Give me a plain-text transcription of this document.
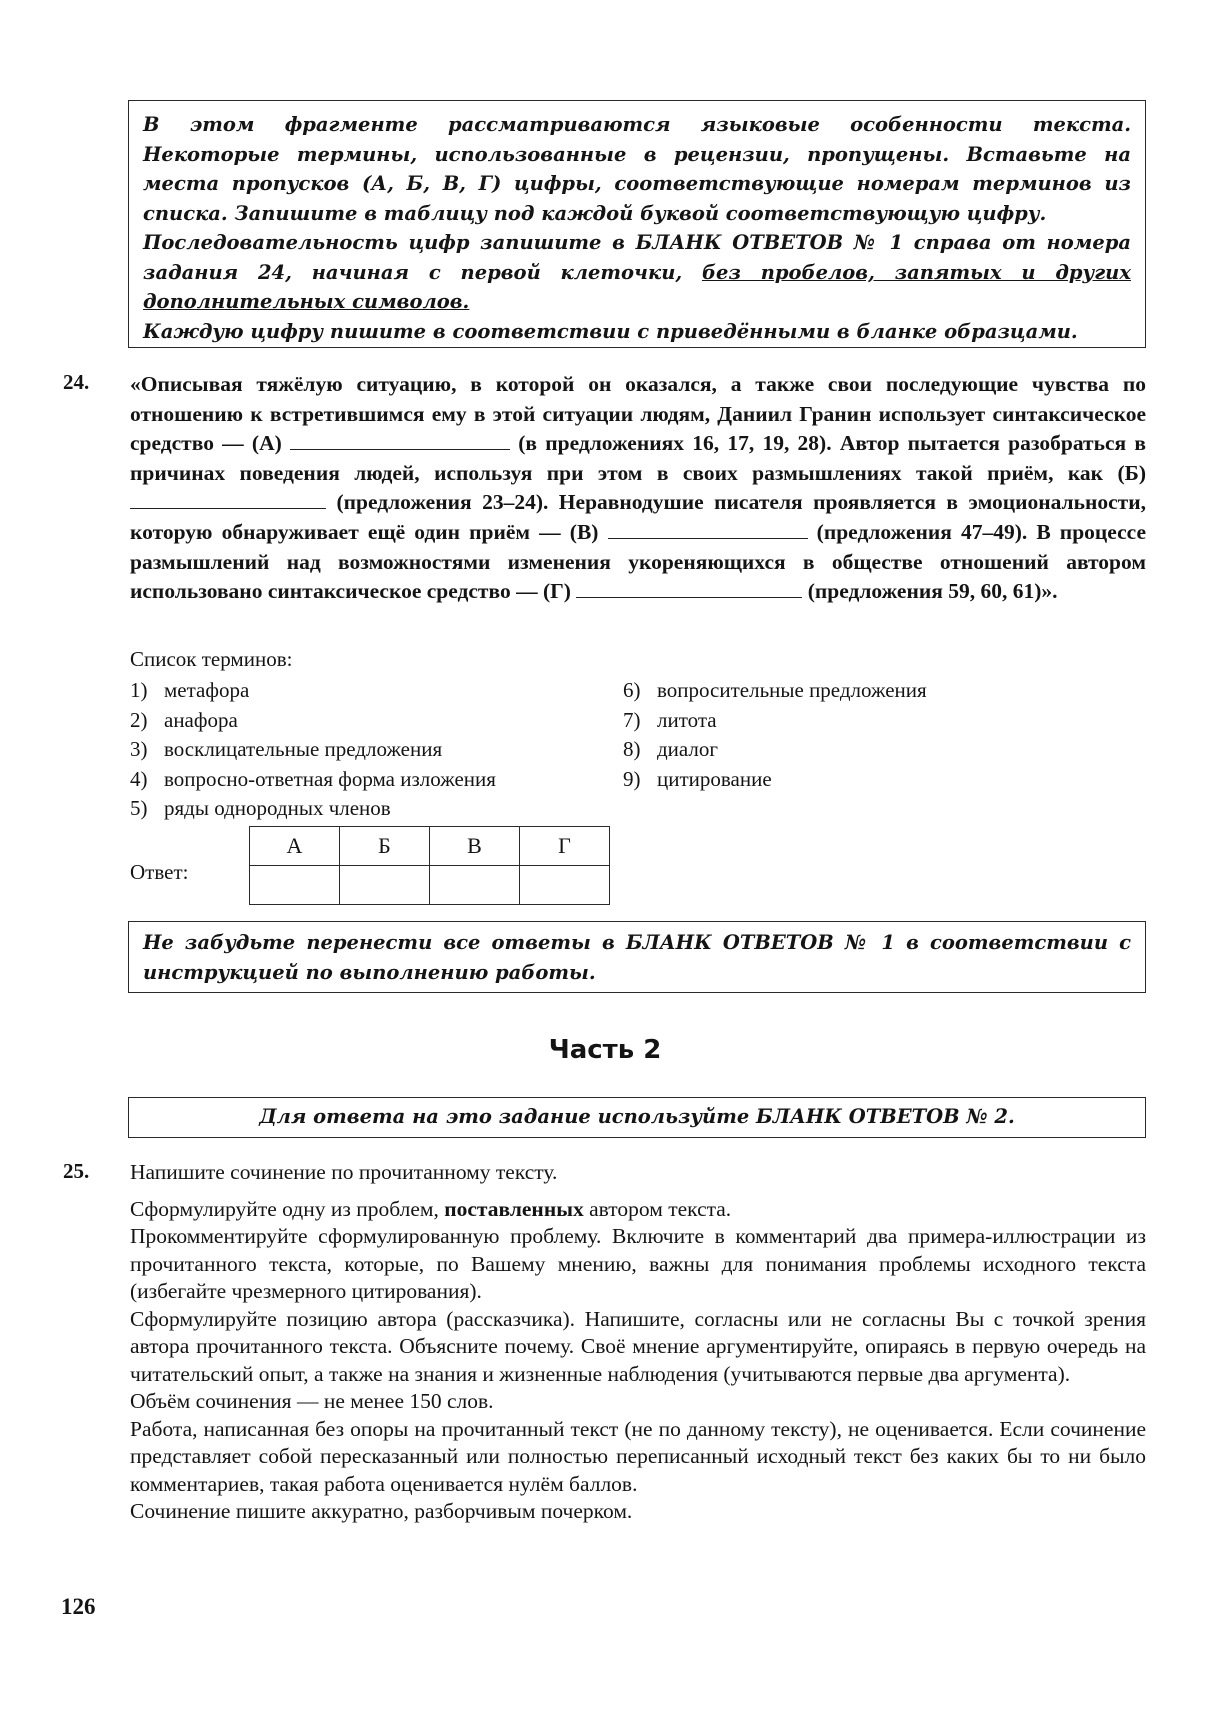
В этом фрагменте рассматриваются языковые особенности текста. Некоторые термины, использованные в рецензии, пропущены. Вставьте на места пропусков (А, Б, В, Г) цифры, соответствующие номерам терминов из списка. Запишите в таблицу под каждой буквой соответствующую цифру.

Последовательность цифр запишите в БЛАНК ОТВЕТОВ № 1 справа от номера задания 24, начиная с первой клеточки, без пробелов, запятых и других дополнительных символов.

Каждую цифру пишите в соответствии с приведёнными в бланке образцами.

24. «Описывая тяжёлую ситуацию, в которой он оказался, а также свои последующие чувства по отношению к встретившимся ему в этой ситуации людям, Даниил Гранин использует синтаксическое средство — (А)	(в предложениях 16, 17, 19, 28). Автор пытается разобраться в причинах поведения людей, используя при этом в своих размышлениях такой приём, как (Б)  (предложения 23–24). Неравнодушие писателя проявляется в эмоциональности, которую обнаруживает ещё один приём — (В)	(предложения 47–49). В процессе размышлений над возможностями изменения укореняющихся в обществе отношений автором использовано синтаксическое средство — (Г)	(предложения 59, 60, 61)».
Список терминов:
1) метафора
2) анафора
3) восклицательные предложения
4) вопросно-ответная форма изложения
5) ряды однородных членов
6) вопросительные предложения
7) литота
8) диалог
9) цитирование
Ответ:
А	Б	В	Г

Не забудьте перенести все ответы в БЛАНК ОТВЕТОВ № 1 в соответствии с инструкцией по выполнению работы.
Часть 2
Для ответа на это задание используйте БЛАНК ОТВЕТОВ № 2.
25. Напишите сочинение по прочитанному тексту.

Сформулируйте одну из проблем, поставленных автором текста.

Прокомментируйте сформулированную проблему. Включите в комментарий два примера-иллюстрации из прочитанного текста, которые, по Вашему мнению, важны для понимания проблемы исходного текста (избегайте чрезмерного цитирования).

Сформулируйте позицию автора (рассказчика). Напишите, согласны или не согласны Вы с точкой зрения автора прочитанного текста. Объясните почему. Своё мнение аргументируйте, опираясь в первую очередь на читательский опыт, а также на знания и жизненные наблюдения (учитываются первые два аргумента).

Объём сочинения — не менее 150 слов.

Работа, написанная без опоры на прочитанный текст (не по данному тексту), не оценивается. Если сочинение представляет собой пересказанный или полностью переписанный исходный текст без каких бы то ни было комментариев, такая работа оценивается нулём баллов.

Сочинение пишите аккуратно, разборчивым почерком.

126
